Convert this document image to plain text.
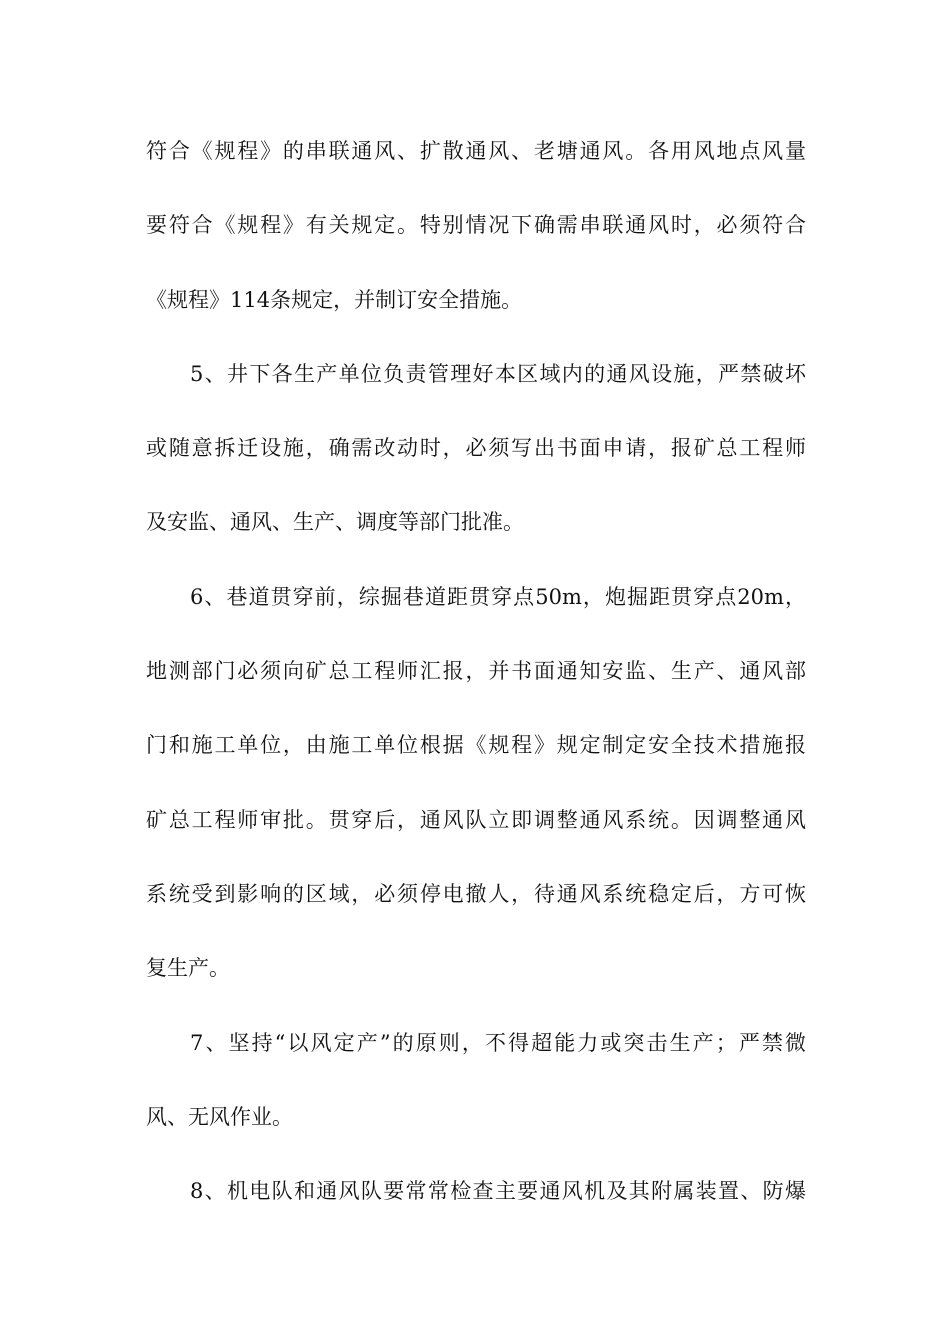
符合《规程》的串联通风、扩散通风、老塘通风。各用风地点风量
要符合《规程》有关规定。特别情况下确需串联通风时，必须符合
《规程》114条规定，并制订安全措施。
5、井下各生产单位负责管理好本区域内的通风设施，严禁破坏
或随意拆迁设施，确需改动时，必须写出书面申请，报矿总工程师
及安监、通风、生产、调度等部门批准。
6、巷道贯穿前，综掘巷道距贯穿点50m，炮掘距贯穿点20m，
地测部门必须向矿总工程师汇报，并书面通知安监、生产、通风部
门和施工单位，由施工单位根据《规程》规定制定安全技术措施报
矿总工程师审批。贯穿后，通风队立即调整通风系统。因调整通风
系统受到影响的区域，必须停电撤人，待通风系统稳定后，方可恢
复生产。
7、坚持“以风定产”的原则，不得超能力或突击生产；严禁微
风、无风作业。
8、机电队和通风队要常常检查主要通风机及其附属装置、防爆
